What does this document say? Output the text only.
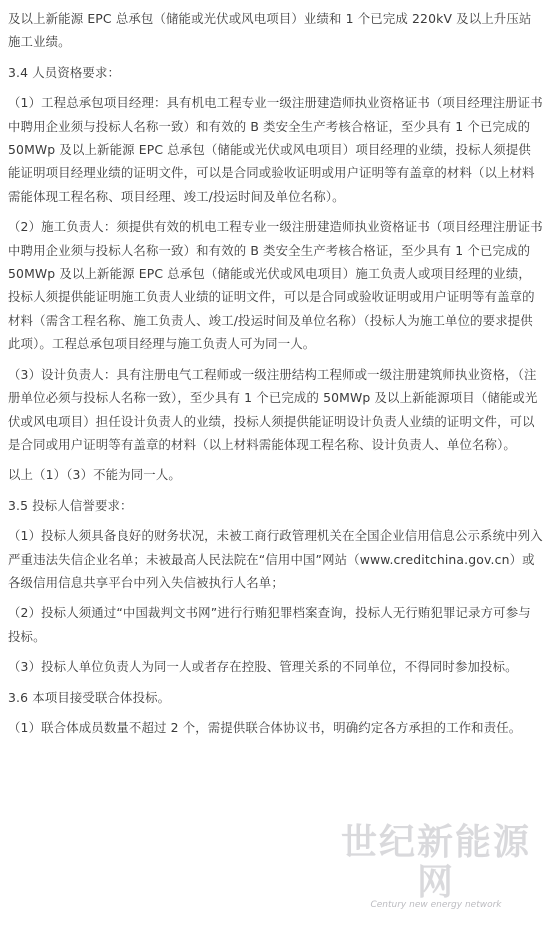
及以上新能源 EPC 总承包（储能或光伏或风电项目）业绩和 1 个已完成 220kV 及以上升压站施工业绩。

3.4 人员资格要求：

（1）工程总承包项目经理：具有机电工程专业一级注册建造师执业资格证书（项目经理注册证书中聘用企业须与投标人名称一致）和有效的 B 类安全生产考核合格证，至少具有 1 个已完成的 50MWp 及以上新能源 EPC 总承包（储能或光伏或风电项目）项目经理的业绩，投标人须提供能证明项目经理业绩的证明文件，可以是合同或验收证明或用户证明等有盖章的材料（以上材料需能体现工程名称、项目经理、竣工/投运时间及单位名称）。

（2）施工负责人：须提供有效的机电工程专业一级注册建造师执业资格证书（项目经理注册证书中聘用企业须与投标人名称一致）和有效的 B 类安全生产考核合格证，至少具有 1 个已完成的 50MWp 及以上新能源 EPC 总承包（储能或光伏或风电项目）施工负责人或项目经理的业绩，投标人须提供能证明施工负责人业绩的证明文件，可以是合同或验收证明或用户证明等有盖章的材料（需含工程名称、施工负责人、竣工/投运时间及单位名称）（投标人为施工单位的要求提供此项）。工程总承包项目经理与施工负责人可为同一人。

（3）设计负责人：具有注册电气工程师或一级注册结构工程师或一级注册建筑师执业资格，（注册单位必须与投标人名称一致），至少具有 1 个已完成的 50MWp 及以上新能源项目（储能或光伏或风电项目）担任设计负责人的业绩，投标人须提供能证明设计负责人业绩的证明文件，可以是合同或用户证明等有盖章的材料（以上材料需能体现工程名称、设计负责人、单位名称）。

以上（1）（3）不能为同一人。

3.5 投标人信誉要求：

（1）投标人须具备良好的财务状况，未被工商行政管理机关在全国企业信用信息公示系统中列入严重违法失信企业名单；未被最高人民法院在“信用中国”网站（www.creditchina.gov.cn）或各级信用信息共享平台中列入失信被执行人名单；

（2）投标人须通过“中国裁判文书网”进行行贿犯罪档案查询，投标人无行贿犯罪记录方可参与投标。

（3）投标人单位负责人为同一人或者存在控股、管理关系的不同单位，不得同时参加投标。

3.6 本项目接受联合体投标。

（1）联合体成员数量不超过 2 个，需提供联合体协议书，明确约定各方承担的工作和责任。

世纪新能源网
Century new energy network
